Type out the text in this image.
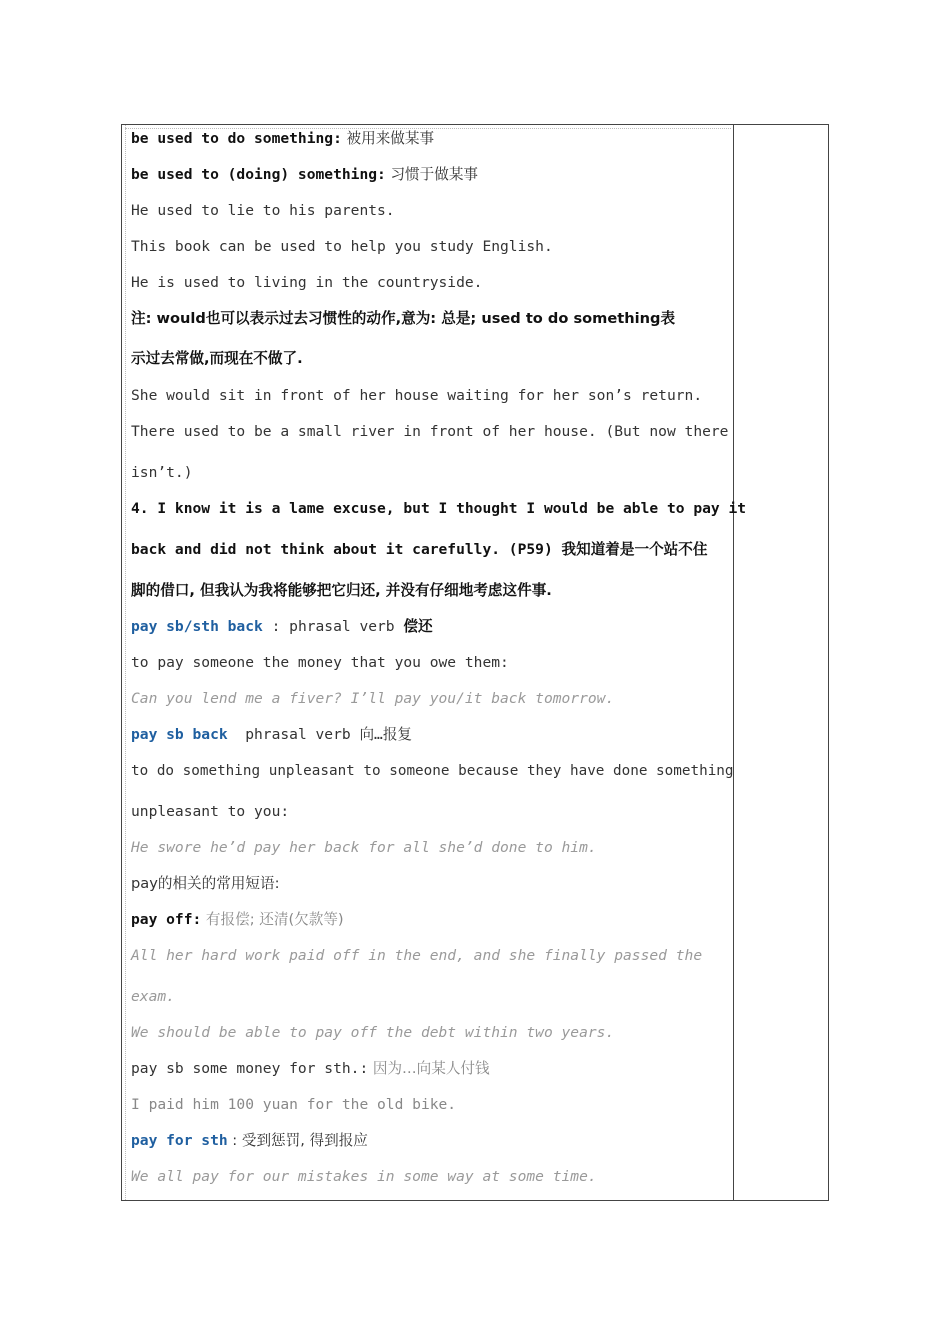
be used to do something: 被用来做某事
be used to (doing) something: 习惯于做某事
He used to lie to his parents.
This book can be used to help you study English.
He is used to living in the countryside.
注: would也可以表示过去习惯性的动作,意为: 总是; used to do something表
示过去常做,而现在不做了.
She would sit in front of her house waiting for her son’s return.
There used to be a small river in front of her house. (But now there
isn’t.)
4. I know it is a lame excuse, but I thought I would be able to pay it
back and did not think about it carefully. (P59) 我知道着是一个站不住
脚的借口, 但我认为我将能够把它归还, 并没有仔细地考虑这件事.
pay sb/sth back : phrasal verb 偿还
to pay someone the money that you owe them:
Can you lend me a fiver? I’ll pay you/it back tomorrow.
pay sb back  phrasal verb 向…报复
to do something unpleasant to someone because they have done something
unpleasant to you:
He swore he’d pay her back for all she’d done to him.
pay的相关的常用短语:
pay off: 有报偿; 还清(欠款等)
All her hard work paid off in the end, and she finally passed the
exam.
We should be able to pay off the debt within two years.
pay sb some money for sth.: 因为…向某人付钱
I paid him 100 yuan for the old bike.
pay for sth : 受到惩罚, 得到报应
We all pay for our mistakes in some way at some time.
